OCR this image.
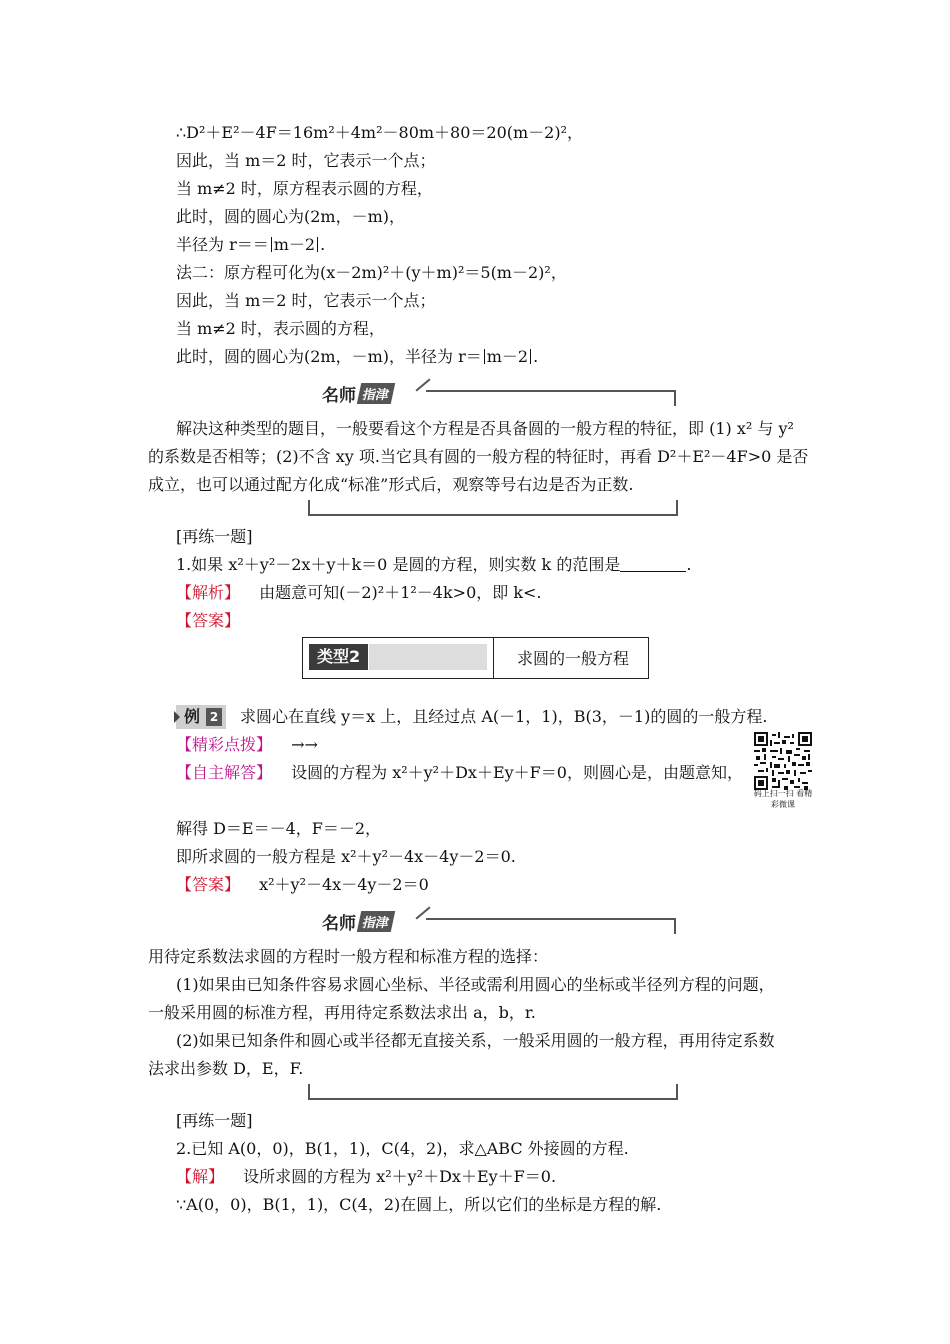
∴D²＋E²－4F＝16m²＋4m²－80m＋80＝20(m－2)²，
因此，当 m＝2 时，它表示一个点；
当 m≠2 时，原方程表示圆的方程，
此时，圆的圆心为(2m，－m)，
半径为 r＝＝ m－2 .
法二：原方程可化为(x－2m)²＋(y＋m)²＝5(m－2)²，
因此，当 m＝2 时，它表示一个点；
当 m≠2 时，表示圆的方程，
此时，圆的圆心为(2m，－m)，半径为 r＝ m－2 .
名师 指津
解决这种类型的题目，一般要看这个方程是否具备圆的一般方程的特征，即 (1) x² 与 y²
的系数是否相等；(2)不含 xy 项.当它具有圆的一般方程的特征时，再看 D²＋E²－4F>0 是否
成立，也可以通过配方化成“标准”形式后，观察等号右边是否为正数.
[再练一题]
1.如果 x²＋y²－2x＋y＋k＝0 是圆的方程，则实数 k 的范围是	.
【解析】 由题意可知(－2)²＋1²－4k>0，即 k<.
【答案】
类型2	求圆的一般方程
例 2 求圆心在直线 y＝x 上，且经过点 A(－1，1)，B(3，－1)的圆的一般方程.
【精彩点拨】 →→
【自主解答】 设圆的方程为 x²＋y²＋Dx＋Ey＋F＝0，则圆心是，由题意知，
码上扫一扫 看精彩微课
解得 D＝E＝－4，F＝－2，
即所求圆的一般方程是 x²＋y²－4x－4y－2＝0.
【答案】 x²＋y²－4x－4y－2＝0
名师 指津
用待定系数法求圆的方程时一般方程和标准方程的选择：
(1)如果由已知条件容易求圆心坐标、半径或需利用圆心的坐标或半径列方程的问题，
一般采用圆的标准方程，再用待定系数法求出 a，b，r.
(2)如果已知条件和圆心或半径都无直接关系，一般采用圆的一般方程，再用待定系数
法求出参数 D，E，F.
[再练一题]
2.已知 A(0，0)，B(1，1)，C(4，2)，求△ABC 外接圆的方程.
【解】 设所求圆的方程为 x²＋y²＋Dx＋Ey＋F＝0.
∵A(0，0)，B(1，1)，C(4，2)在圆上，所以它们的坐标是方程的解.
